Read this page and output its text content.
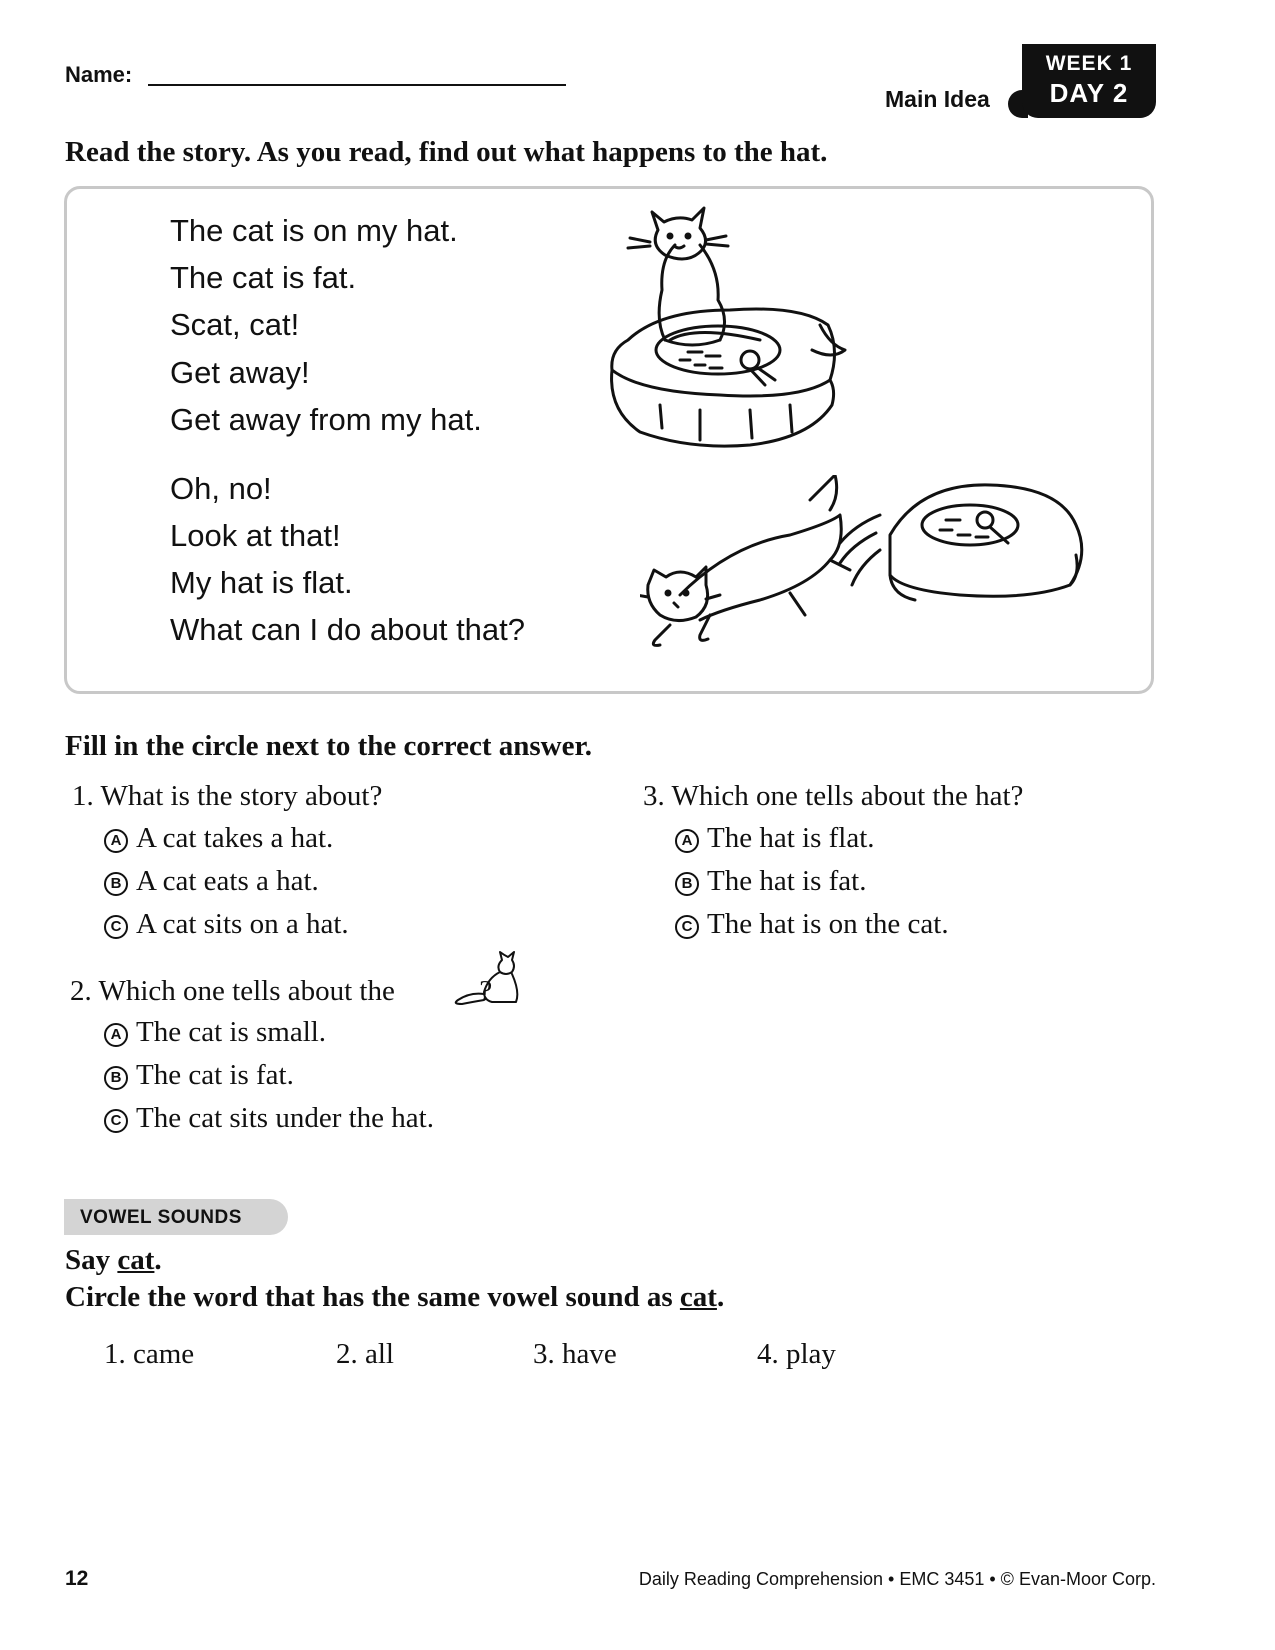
Name:
Main Idea
WEEK 1
DAY 2
Read the story. As you read, find out what happens to the hat.
The cat is on my hat.
The cat is fat.
Scat, cat!
Get away!
Get away from my hat.
Oh, no!
Look at that!
My hat is flat.
What can I do about that?
Fill in the circle next to the correct answer.
1. What is the story about?
A A cat takes a hat.
B A cat eats a hat.
C A cat sits on a hat.
2. Which one tells about the	?
A The cat is small.
B The cat is fat.
C The cat sits under the hat.
3. Which one tells about the hat?
A The hat is flat.
B The hat is fat.
C The hat is on the cat.
VOWEL SOUNDS
Say cat.
Circle the word that has the same vowel sound as cat.
1. came	2. all	3. have	4. play
12	Daily Reading Comprehension • EMC 3451 • © Evan-Moor Corp.
